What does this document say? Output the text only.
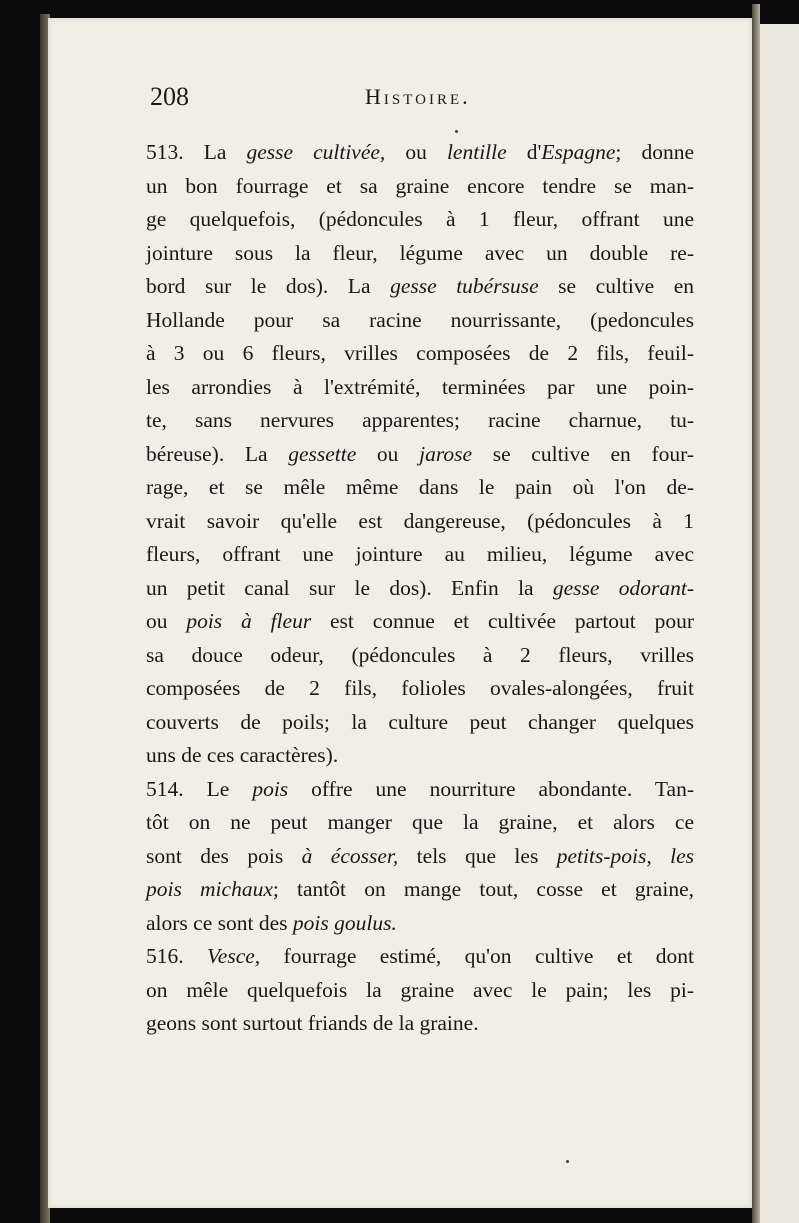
208	Histoire.
513. La gesse cultivée, ou lentille d'Espagne; donne
un bon fourrage et sa graine encore tendre se man-
ge quelquefois, (pédoncules à 1 fleur, offrant une
jointure sous la fleur, légume avec un double re-
bord sur le dos). La gesse tubérsuse se cultive en
Hollande pour sa racine nourrissante, (pedoncules
à 3 ou 6 fleurs, vrilles composées de 2 fils, feuil-
les arrondies à l'extrémité, terminées par une poin-
te, sans nervures apparentes; racine charnue, tu-
béreuse). La gessette ou jarose se cultive en four-
rage, et se mêle même dans le pain où l'on de-
vrait savoir qu'elle est dangereuse, (pédoncules à 1
fleurs, offrant une jointure au milieu, légume avec
un petit canal sur le dos). Enfin la gesse odorant-
ou pois à fleur est connue et cultivée partout pour
sa douce odeur, (pédoncules à 2 fleurs, vrilles
composées de 2 fils, folioles ovales-alongées, fruit
couverts de poils; la culture peut changer quelques
uns de ces caractères).
514. Le pois offre une nourriture abondante. Tan-
tôt on ne peut manger que la graine, et alors ce
sont des pois à écosser, tels que les petits-pois, les
pois michaux; tantôt on mange tout, cosse et graine,
alors ce sont des pois goulus.
516. Vesce, fourrage estimé, qu'on cultive et dont
on mêle quelquefois la graine avec le pain; les pi-
geons sont surtout friands de la graine.
